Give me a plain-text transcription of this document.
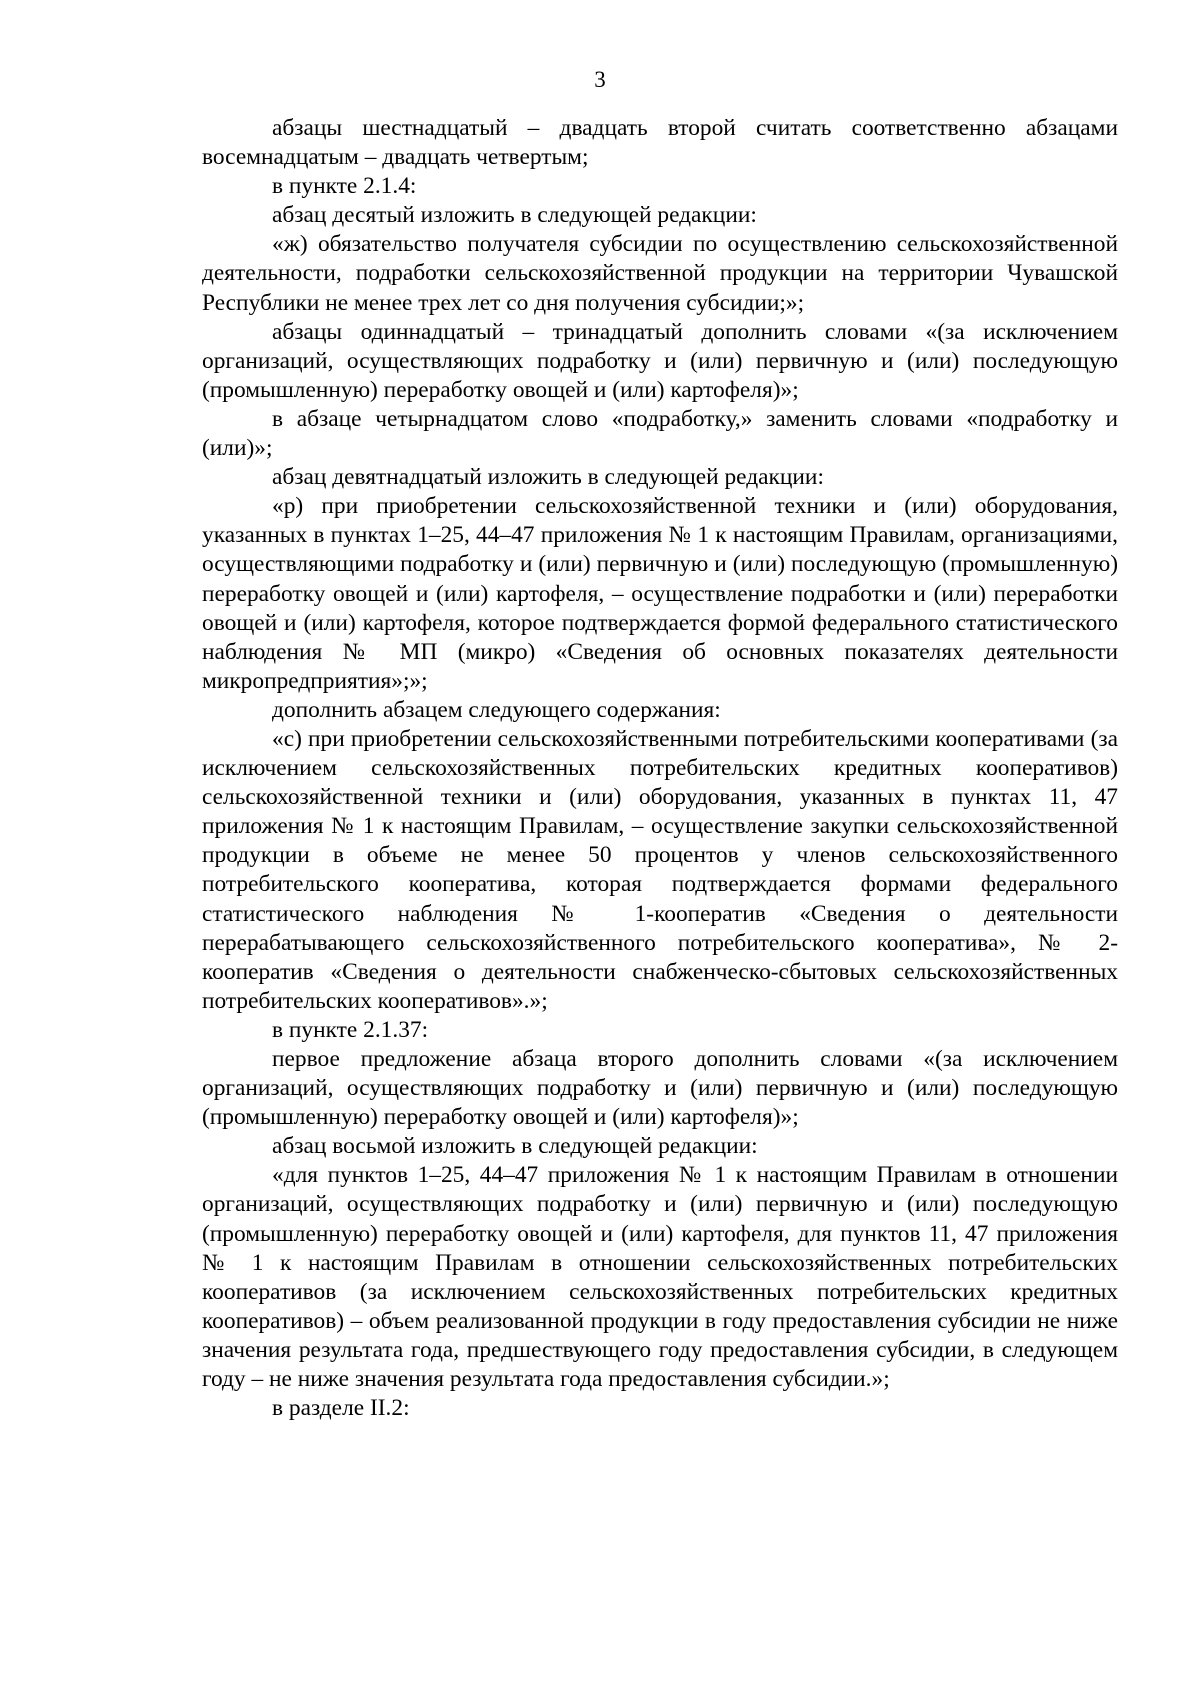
3

абзацы шестнадцатый – двадцать второй считать соответственно абзацами восемнадцатым – двадцать четвертым;

в пункте 2.1.4:

абзац десятый изложить в следующей редакции:

«ж) обязательство получателя субсидии по осуществлению сельскохозяйственной деятельности, подработки сельскохозяйственной продукции на территории Чувашской Республики не менее трех лет со дня получения субсидии;»;

абзацы одиннадцатый – тринадцатый дополнить словами «(за исключением организаций, осуществляющих подработку и (или) первичную и (или) последующую (промышленную) переработку овощей и (или) картофеля)»;

в абзаце четырнадцатом слово «подработку,» заменить словами «подработку и (или)»;

абзац девятнадцатый изложить в следующей редакции:

«р) при приобретении сельскохозяйственной техники и (или) оборудования, указанных в пунктах 1–25, 44–47 приложения № 1 к настоящим Правилам, организациями, осуществляющими подработку и (или) первичную и (или) последующую (промышленную) переработку овощей и (или) картофеля, – осуществление подработки и (или) переработки овощей и (или) картофеля, которое подтверждается формой федерального статистического наблюдения № МП (микро) «Сведения об основных показателях деятельности микропредприятия»;»;

дополнить абзацем следующего содержания:

«с) при приобретении сельскохозяйственными потребительскими кооперативами (за исключением сельскохозяйственных потребительских кредитных кооперативов) сельскохозяйственной техники и (или) оборудования, указанных в пунктах 11, 47 приложения № 1 к настоящим Правилам, – осуществление закупки сельскохозяйственной продукции в объеме не менее 50 процентов у членов сельскохозяйственного потребительского кооператива, которая подтверждается формами федерального статистического наблюдения № 1-кооператив «Сведения о деятельности перерабатывающего сельскохозяйственного потребительского кооператива», № 2-кооператив «Сведения о деятельности снабженческо-сбытовых сельскохозяйственных потребительских кооперативов».»;

в пункте 2.1.37:

первое предложение абзаца второго дополнить словами «(за исключением организаций, осуществляющих подработку и (или) первичную и (или) последующую (промышленную) переработку овощей и (или) картофеля)»;

абзац восьмой изложить в следующей редакции:

«для пунктов 1–25, 44–47 приложения № 1 к настоящим Правилам в отношении организаций, осуществляющих подработку и (или) первичную и (или) последующую (промышленную) переработку овощей и (или) картофеля, для пунктов 11, 47 приложения № 1 к настоящим Правилам в отношении сельскохозяйственных потребительских кооперативов (за исключением сельскохозяйственных потребительских кредитных кооперативов) – объем реализованной продукции в году предоставления субсидии не ниже значения результата года, предшествующего году предоставления субсидии, в следующем году – не ниже значения результата года предоставления субсидии.»;

в разделе II.2:
